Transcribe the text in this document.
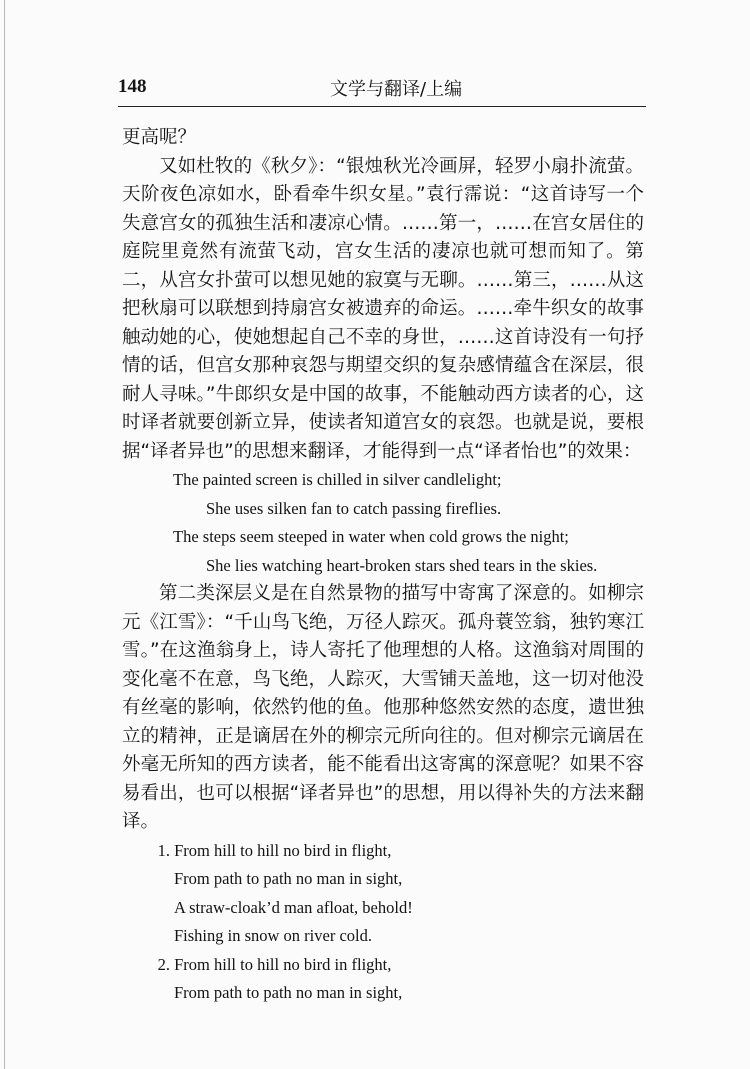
148	文学与翻译/上编

更高呢？

又如杜牧的《秋夕》：“银烛秋光冷画屏，轻罗小扇扑流萤。天阶夜色凉如水，卧看牵牛织女星。”袁行霈说：“这首诗写一个失意宫女的孤独生活和凄凉心情。……第一，……在宫女居住的庭院里竟然有流萤飞动，宫女生活的凄凉也就可想而知了。第二，从宫女扑萤可以想见她的寂寞与无聊。……第三，……从这把秋扇可以联想到持扇宫女被遗弃的命运。……牵牛织女的故事触动她的心，使她想起自己不幸的身世，……这首诗没有一句抒情的话，但宫女那种哀怨与期望交织的复杂感情蕴含在深层，很耐人寻味。”牛郎织女是中国的故事，不能触动西方读者的心，这时译者就要创新立异，使读者知道宫女的哀怨。也就是说，要根据“译者异也”的思想来翻译，才能得到一点“译者怡也”的效果：

The painted screen is chilled in silver candlelight;

She uses silken fan to catch passing fireflies.

The steps seem steeped in water when cold grows the night;

She lies watching heart-broken stars shed tears in the skies.

第二类深层义是在自然景物的描写中寄寓了深意的。如柳宗元《江雪》：“千山鸟飞绝，万径人踪灭。孤舟蓑笠翁，独钓寒江雪。”在这渔翁身上，诗人寄托了他理想的人格。这渔翁对周围的变化毫不在意，鸟飞绝，人踪灭，大雪铺天盖地，这一切对他没有丝毫的影响，依然钓他的鱼。他那种悠然安然的态度，遗世独立的精神，正是谪居在外的柳宗元所向往的。但对柳宗元谪居在外毫无所知的西方读者，能不能看出这寄寓的深意呢？如果不容易看出，也可以根据“译者异也”的思想，用以得补失的方法来翻译。

1. From hill to hill no bird in flight,

From path to path no man in sight,

A straw-cloak’d man afloat, behold!

Fishing in snow on river cold.

2. From hill to hill no bird in flight,

From path to path no man in sight,
